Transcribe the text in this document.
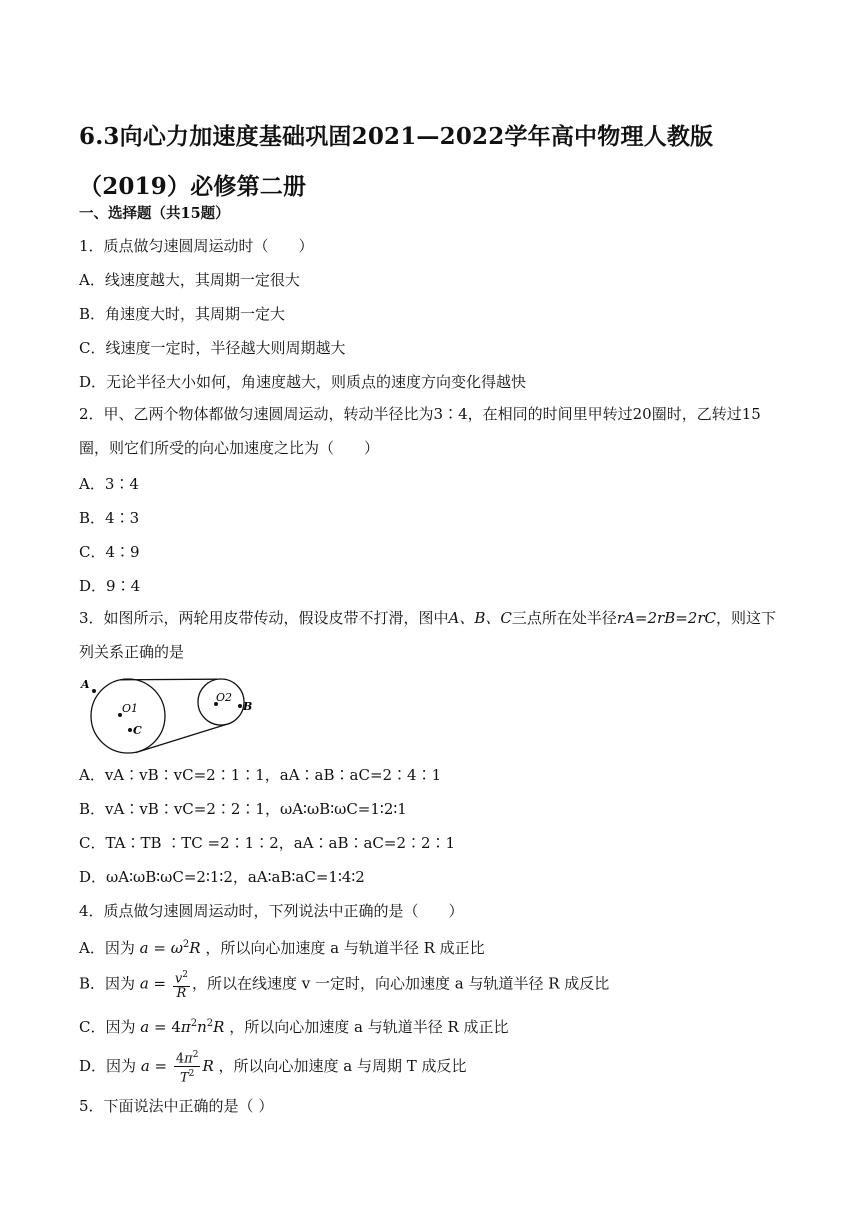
6.3向心力加速度基础巩固2021—2022学年高中物理人教版（2019）必修第二册
一、选择题（共15题）
1．质点做匀速圆周运动时（　　）
A．线速度越大，其周期一定很大
B．角速度大时，其周期一定大
C．线速度一定时，半径越大则周期越大
D．无论半径大小如何，角速度越大，则质点的速度方向变化得越快
2．甲、乙两个物体都做匀速圆周运动，转动半径比为3∶4，在相同的时间里甲转过20圈时，乙转过15圈，则它们所受的向心加速度之比为（　　）
A．3∶4
B．4∶3
C．4∶9
D．9∶4
3．如图所示，两轮用皮带传动，假设皮带不打滑，图中A、B、C三点所在处半径rA=2rB=2rC，则这下列关系正确的是
A
O1
C
O2
B
A．vA∶vB∶vC=2∶1∶1，aA∶aB∶aC=2∶4∶1
B．vA∶vB∶vC=2∶2∶1，ωA∶ωB∶ωC=1∶2∶1
C．TA∶TB ∶TC =2∶1∶2，aA∶aB∶aC=2∶2∶1
D．ωA∶ωB∶ωC=2∶1∶2，aA∶aB∶aC=1∶4∶2
4．质点做匀速圆周运动时，下列说法中正确的是（　　）
A．因为 $a = \omega^2R$ ，所以向心加速度 a 与轨道半径 R 成正比
B．因为 $a = \frac{v^2}{R}$ ，所以在线速度 v 一定时，向心加速度 a 与轨道半径 R 成反比
C．因为 $a = 4\pi^2n^2R$ ，所以向心加速度 a 与轨道半径 R 成正比
D．因为 $a = \frac{4\pi^2}{T^2}$ R ，所以向心加速度 a 与周期 T 成反比
5．下面说法中正确的是（ ）
